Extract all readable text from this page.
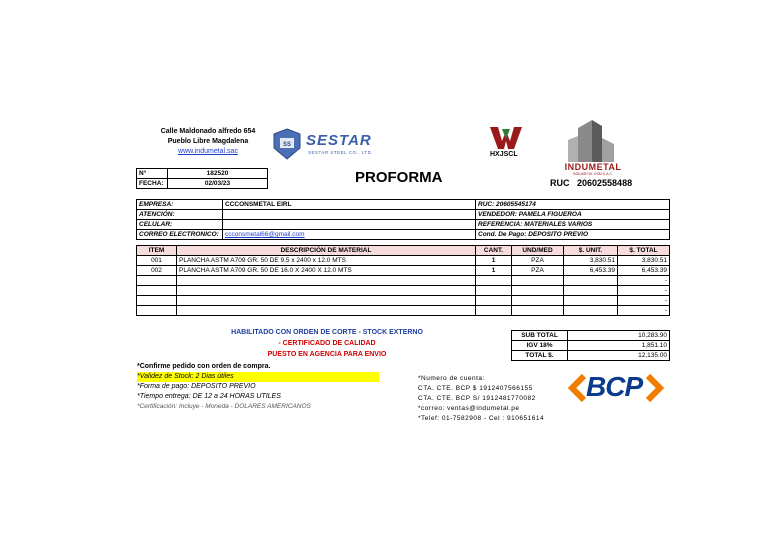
Calle Maldonado alfredo 654
Pueblo Libre Magdalena
www.indumetal.sac
SS SESTAR
SESTAR STEEL CO., LTD	HXJSCL
INDUMETAL
INDUMETAL GSM S.A.C.
N°	182520
FECHA:	02/03/23	PROFORMA	RUC 20602558488
EMPRESA:	CCCONSMETAL EIRL	RUC: 20605545174
ATENCIÓN:		VENDEDOR: PAMELA FIGUEROA
CELULAR:		REFERENCIA: MATERIALES VARIOS
CORREO ELECTRONICO:	ccconsmetal66@gmail.com	Cond. De Pago: DEPOSITO PREVIO
ITEM	DESCRIPCIÓN DE MATERIAL	CANT.	UND/MED	$. UNIT.	$. TOTAL
001	PLANCHA ASTM A709 GR. 50 DE 9.5 x 2400 x 12.0 MTS	1	PZA	3,830.51	3,830.51
002	PLANCHA ASTM A709 GR. 50 DE 16.0 X 2400 X 12.0 MTS	1	PZA	6,453.39	6,453.39
					-
					-
					-
					-
HABILITADO CON ORDEN DE CORTE - STOCK EXTERNO
- CERTIFICADO DE CALIDAD
PUESTO EN AGENCIA PARA ENVIO
SUB TOTAL	10,283.90
IGV 18%	1,851.10
TOTAL $.	12,135.00
*Confirme pedido con orden de compra.
*Validez de Stock: 2 Dias útiles
*Forma de pago: DEPOSITO PREVIO
*Tiempo entrega: DE 12 a 24 HORAS UTILES
*Certificación: Incluye - Moneda - DOLARES AMERICANOS
*Numero de cuenta:
CTA. CTE. BCP $ 1912407566155
CTA. CTE. BCP S/ 1912481770082
*correo: ventas@indumetal.pe
*Telef: 01-7582908 - Cel : 910651614
BCP
